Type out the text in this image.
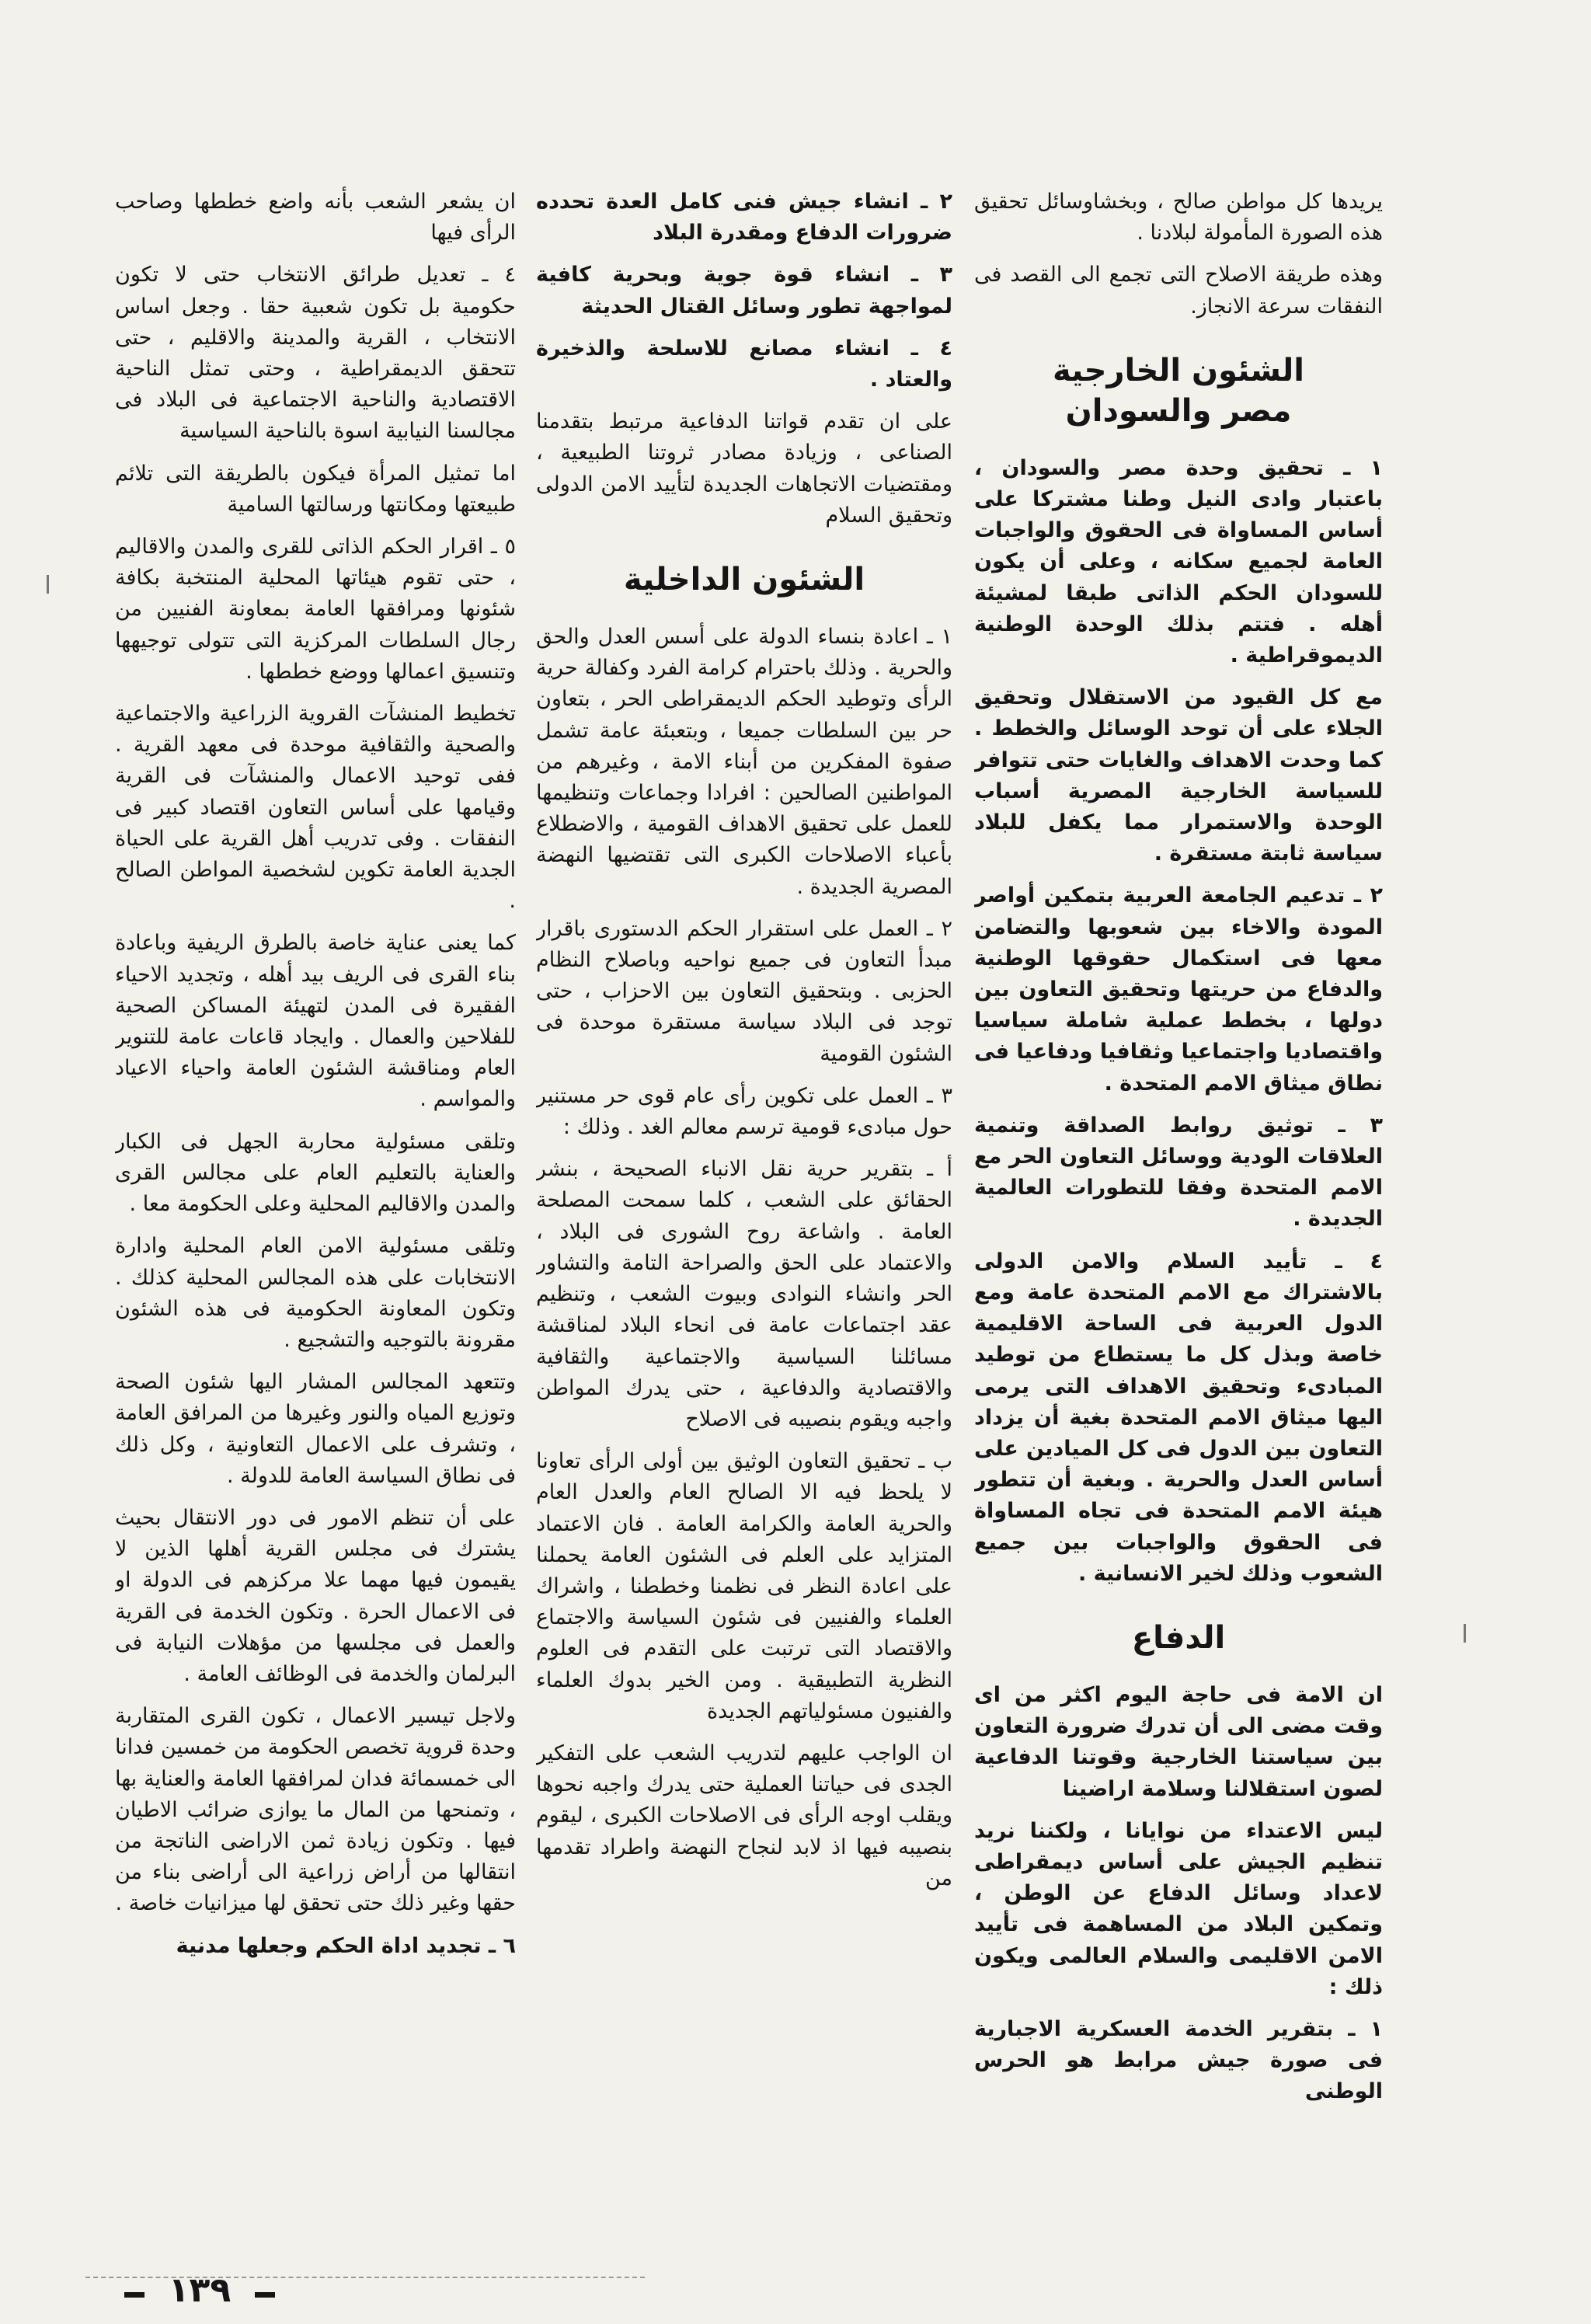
يريدها كل مواطن صالح ، وبخشاوسائل تحقيق هذه الصورة المأمولة لبلادنا .

وهذه طريقة الاصلاح التى تجمع الى القصد فى النفقات سرعة الانجاز.

الشئون الخارجية
مصر والسودان

١ ـ تحقيق وحدة مصر والسودان ، باعتبار وادى النيل وطنا مشتركا على أساس المساواة فى الحقوق والواجبات العامة لجميع سكانه ، وعلى أن يكون للسودان الحكم الذاتى طبقا لمشيئة أهله . فتتم بذلك الوحدة الوطنية الديموقراطية .

مع كل القيود من الاستقلال وتحقيق الجلاء على أن توحد الوسائل والخطط . كما وحدت الاهداف والغايات حتى تتوافر للسياسة الخارجية المصرية أسباب الوحدة والاستمرار مما يكفل للبلاد سياسة ثابتة مستقرة .

٢ ـ تدعيم الجامعة العربية بتمكين أواصر المودة والاخاء بين شعوبها والتضامن معها فى استكمال حقوقها الوطنية والدفاع من حريتها وتحقيق التعاون بين دولها ، بخطط عملية شاملة سياسيا واقتصاديا واجتماعيا وثقافيا ودفاعيا فى نطاق ميثاق الامم المتحدة .

٣ ـ توثيق روابط الصداقة وتنمية العلاقات الودية ووسائل التعاون الحر مع الامم المتحدة وفقا للتطورات العالمية الجديدة .

٤ ـ تأييد السلام والامن الدولى بالاشتراك مع الامم المتحدة عامة ومع الدول العربية فى الساحة الاقليمية خاصة وبذل كل ما يستطاع من توطيد المبادىء وتحقيق الاهداف التى يرمى اليها ميثاق الامم المتحدة بغية أن يزداد التعاون بين الدول فى كل الميادين على أساس العدل والحرية . وبغية أن تتطور هيئة الامم المتحدة فى تجاه المساواة فى الحقوق والواجبات بين جميع الشعوب وذلك لخير الانسانية .

الدفاع

ان الامة فى حاجة اليوم اكثر من اى وقت مضى الى أن تدرك ضرورة التعاون بين سياستنا الخارجية وقوتنا الدفاعية لصون استقلالنا وسلامة اراضينا

ليس الاعتداء من نوايانا ، ولكننا نريد تنظيم الجيش على أساس ديمقراطى لاعداد وسائل الدفاع عن الوطن ، وتمكين البلاد من المساهمة فى تأييد الامن الاقليمى والسلام العالمى ويكون ذلك :

١ ـ بتقرير الخدمة العسكرية الاجبارية فى صورة جيش مرابط هو الحرس الوطنى

٢ ـ انشاء جيش فنى كامل العدة تحدده ضرورات الدفاع ومقدرة البلاد

٣ ـ انشاء قوة جوية وبحرية كافية لمواجهة تطور وسائل القتال الحديثة

٤ ـ انشاء مصانع للاسلحة والذخيرة والعتاد .

على ان تقدم قواتنا الدفاعية مرتبط بتقدمنا الصناعى ، وزيادة مصادر ثروتنا الطبيعية ، ومقتضيات الاتجاهات الجديدة لتأييد الامن الدولى وتحقيق السلام

الشئون الداخلية

١ ـ اعادة بنساء الدولة على أسس العدل والحق والحرية . وذلك باحترام كرامة الفرد وكفالة حرية الرأى وتوطيد الحكم الديمقراطى الحر ، بتعاون حر بين السلطات جميعا ، وبتعبئة عامة تشمل صفوة المفكرين من أبناء الامة ، وغيرهم من المواطنين الصالحين : افرادا وجماعات وتنظيمها للعمل على تحقيق الاهداف القومية ، والاضطلاع بأعباء الاصلاحات الكبرى التى تقتضيها النهضة المصرية الجديدة .

٢ ـ العمل على استقرار الحكم الدستورى باقرار مبدأ التعاون فى جميع نواحيه وباصلاح النظام الحزبى . وبتحقيق التعاون بين الاحزاب ، حتى توجد فى البلاد سياسة مستقرة موحدة فى الشئون القومية

٣ ـ العمل على تكوين رأى عام قوى حر مستنير حول مبادىء قومية ترسم معالم الغد . وذلك :

أ ـ بتقرير حرية نقل الانباء الصحيحة ، بنشر الحقائق على الشعب ، كلما سمحت المصلحة العامة . واشاعة روح الشورى فى البلاد ، والاعتماد على الحق والصراحة التامة والتشاور الحر وانشاء النوادى وبيوت الشعب ، وتنظيم عقد اجتماعات عامة فى انحاء البلاد لمناقشة مسائلنا السياسية والاجتماعية والثقافية والاقتصادية والدفاعية ، حتى يدرك المواطن واجبه ويقوم بنصيبه فى الاصلاح

ب ـ تحقيق التعاون الوثيق بين أولى الرأى تعاونا لا يلحظ فيه الا الصالح العام والعدل العام والحرية العامة والكرامة العامة . فان الاعتماد المتزايد على العلم فى الشئون العامة يحملنا على اعادة النظر فى نظمنا وخططنا ، واشراك العلماء والفنيين فى شئون السياسة والاجتماع والاقتصاد التى ترتبت على التقدم فى العلوم النظرية التطبيقية . ومن الخير بدوك العلماء والفنيون مسئولياتهم الجديدة

ان الواجب عليهم لتدريب الشعب على التفكير الجدى فى حياتنا العملية حتى يدرك واجبه نحوها ويقلب اوجه الرأى فى الاصلاحات الكبرى ، ليقوم بنصيبه فيها اذ لابد لنجاح النهضة واطراد تقدمها من

ان يشعر الشعب بأنه واضع خططها وصاحب الرأى فيها

٤ ـ تعديل طرائق الانتخاب حتى لا تكون حكومية بل تكون شعبية حقا . وجعل اساس الانتخاب ، القرية والمدينة والاقليم ، حتى تتحقق الديمقراطية ، وحتى تمثل الناحية الاقتصادية والناحية الاجتماعية فى البلاد فى مجالسنا النيابية اسوة بالناحية السياسية

اما تمثيل المرأة فيكون بالطريقة التى تلائم طبيعتها ومكانتها ورسالتها السامية

٥ ـ اقرار الحكم الذاتى للقرى والمدن والاقاليم ، حتى تقوم هيئاتها المحلية المنتخبة بكافة شئونها ومرافقها العامة بمعاونة الفنيين من رجال السلطات المركزية التى تتولى توجيهها وتنسيق اعمالها ووضع خططها .

تخطيط المنشآت القروية الزراعية والاجتماعية والصحية والثقافية موحدة فى معهد القرية . ففى توحيد الاعمال والمنشآت فى القرية وقيامها على أساس التعاون اقتصاد كبير فى النفقات . وفى تدريب أهل القرية على الحياة الجدية العامة تكوين لشخصية المواطن الصالح .

كما يعنى عناية خاصة بالطرق الريفية وباعادة بناء القرى فى الريف بيد أهله ، وتجديد الاحياء الفقيرة فى المدن لتهيئة المساكن الصحية للفلاحين والعمال . وايجاد قاعات عامة للتنوير العام ومناقشة الشئون العامة واحياء الاعياد والمواسم .

وتلقى مسئولية محاربة الجهل فى الكبار والعناية بالتعليم العام على مجالس القرى والمدن والاقاليم المحلية وعلى الحكومة معا .

وتلقى مسئولية الامن العام المحلية وادارة الانتخابات على هذه المجالس المحلية كذلك . وتكون المعاونة الحكومية فى هذه الشئون مقرونة بالتوجيه والتشجيع .

وتتعهد المجالس المشار اليها شئون الصحة وتوزيع المياه والنور وغيرها من المرافق العامة ، وتشرف على الاعمال التعاونية ، وكل ذلك فى نطاق السياسة العامة للدولة .

على أن تنظم الامور فى دور الانتقال بحيث يشترك فى مجلس القرية أهلها الذين لا يقيمون فيها مهما علا مركزهم فى الدولة او فى الاعمال الحرة . وتكون الخدمة فى القرية والعمل فى مجلسها من مؤهلات النيابة فى البرلمان والخدمة فى الوظائف العامة .

ولاجل تيسير الاعمال ، تكون القرى المتقاربة وحدة قروية تخصص الحكومة من خمسين فدانا الى خمسمائة فدان لمرافقها العامة والعناية بها ، وتمنحها من المال ما يوازى ضرائب الاطيان فيها . وتكون زيادة ثمن الاراضى الناتجة من انتقالها من أراض زراعية الى أراضى بناء من حقها وغير ذلك حتى تحقق لها ميزانيات خاصة .

٦ ـ تجديد اداة الحكم وجعلها مدنية

١٣٩
